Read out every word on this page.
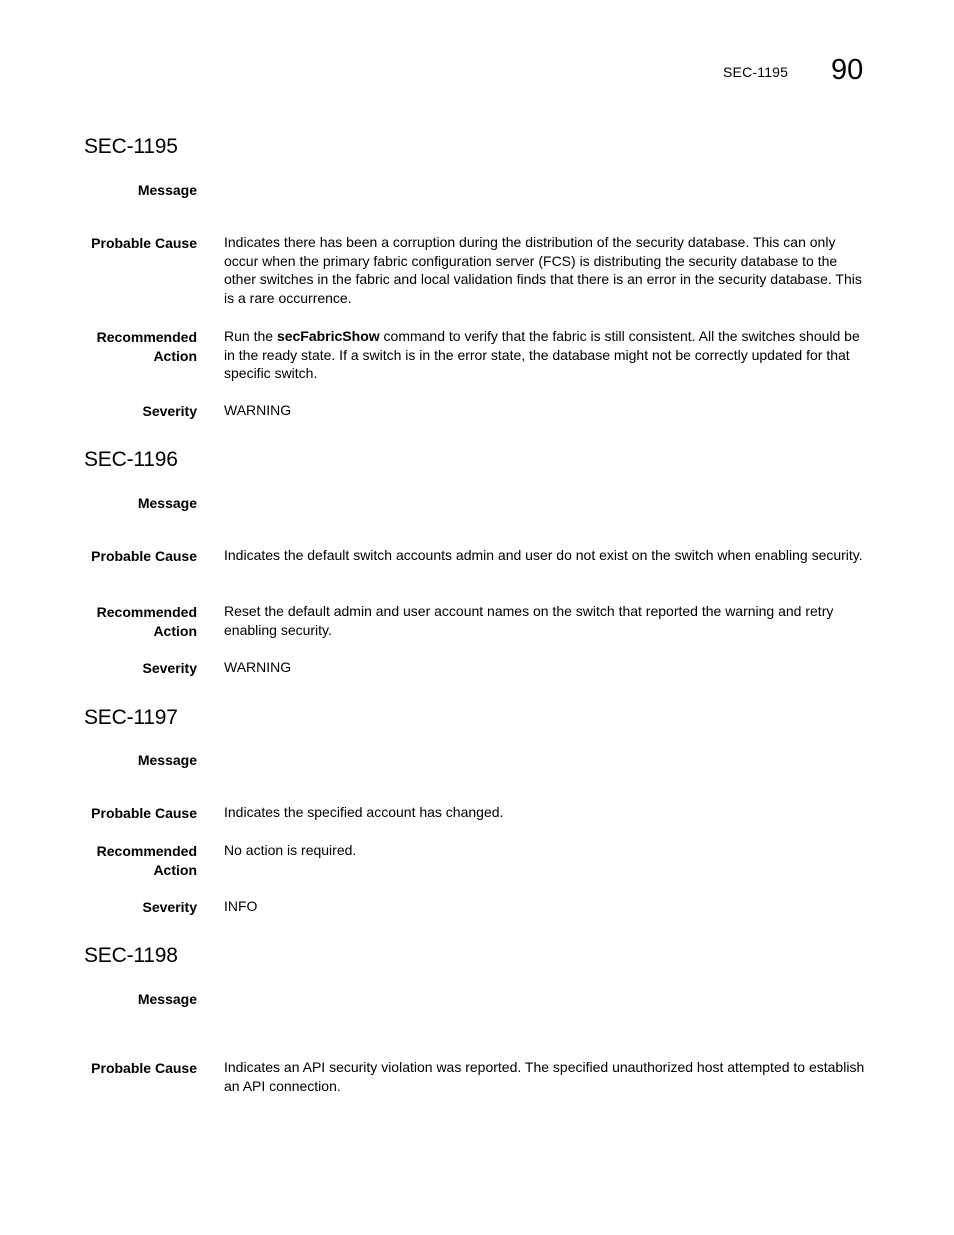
SEC-1195 90
SEC-1195
Message
Probable Cause Indicates there has been a corruption during the distribution of the security database. This can only occur when the primary fabric configuration server (FCS) is distributing the security database to the other switches in the fabric and local validation finds that there is an error in the security database. This is a rare occurrence.
Recommended
Action
Run the secFabricShow command to verify that the fabric is still consistent. All the switches should be in the ready state. If a switch is in the error state, the database might not be correctly updated for that specific switch.
Severity WARNING
SEC-1196
Message
Probable Cause Indicates the default switch accounts admin and user do not exist on the switch when enabling security.
Recommended
Action
Reset the default admin and user account names on the switch that reported the warning and retry enabling security.
Severity WARNING
SEC-1197
Message
Probable Cause Indicates the specified account has changed.
Recommended
Action
No action is required.
Severity INFO
SEC-1198
Message
Probable Cause Indicates an API security violation was reported. The specified unauthorized host attempted to establish an API connection.
